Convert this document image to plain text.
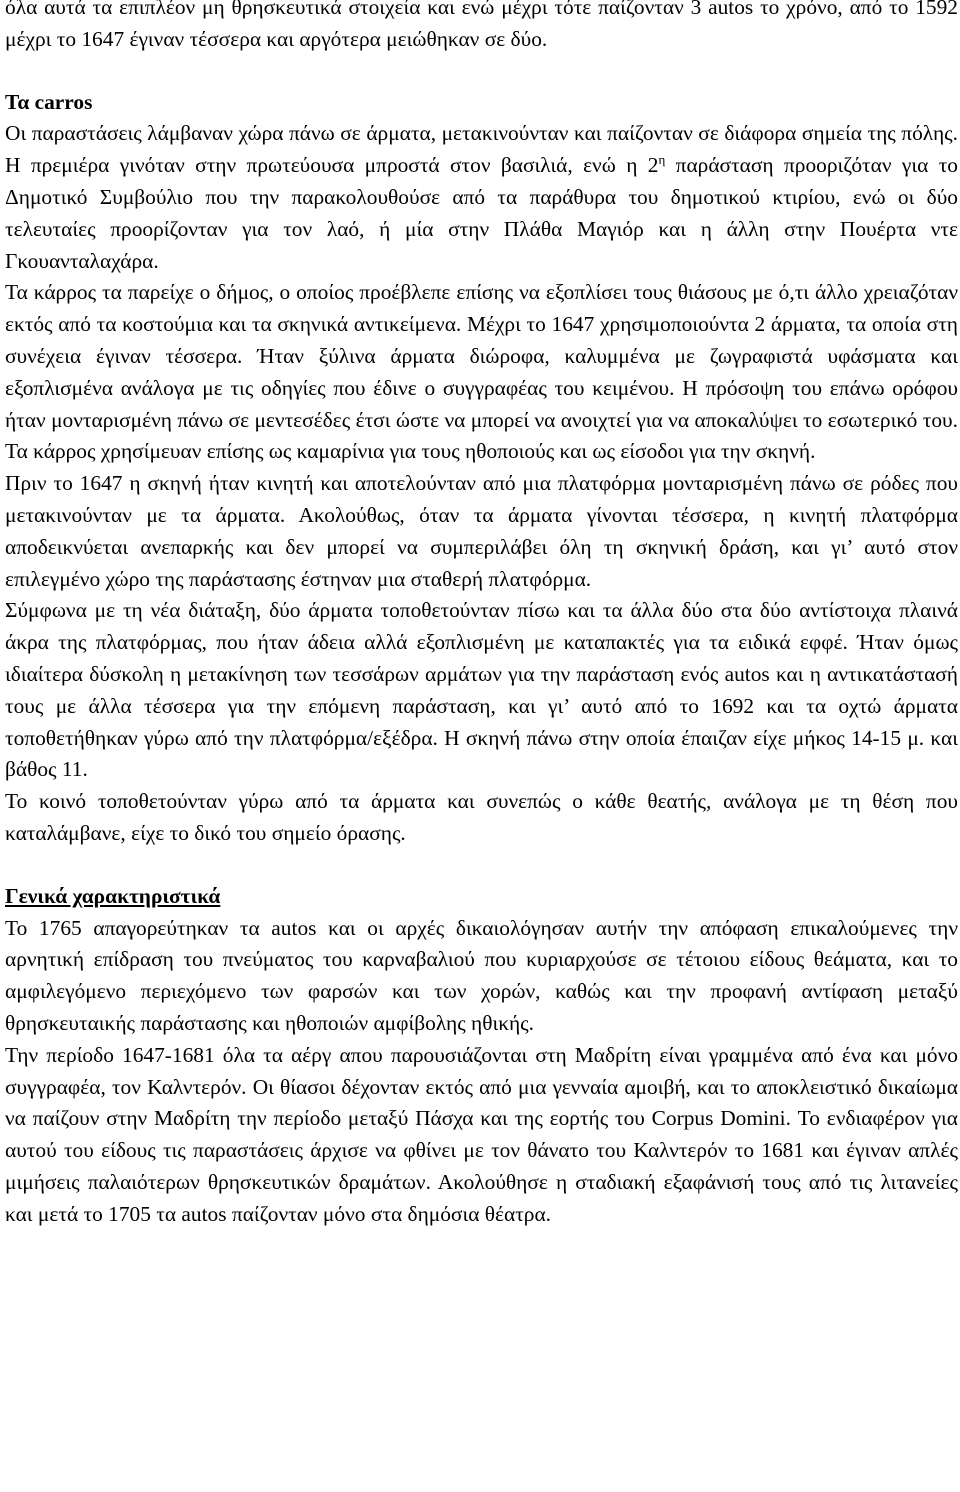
όλα αυτά τα επιπλέον μη θρησκευτικά στοιχεία και ενώ μέχρι τότε παίζονταν 3 autos το χρόνο, από το 1592 μέχρι το 1647 έγιναν τέσσερα και αργότερα μειώθηκαν σε δύο.

Τα carros

Οι παραστάσεις λάμβαναν χώρα πάνω σε άρματα, μετακινούνταν και παίζονταν σε διάφορα σημεία της πόλης. Η πρεμιέρα γινόταν στην πρωτεύουσα μπροστά στον βασιλιά, ενώ η $2^\eta$ παράσταση προοριζόταν για το Δημοτικό Συμβούλιο που την παρακολουθούσε από τα παράθυρα του δημοτικού κτιρίου, ενώ οι δύο τελευταίες προορίζονταν για τον λαό, ή μία στην Πλάθα Μαγιόρ και η άλλη στην Πουέρτα ντε Γκουανταλαχάρα.

Τα κάρρος τα παρείχε ο δήμος, ο οποίος προέβλεπε επίσης να εξοπλίσει τους θιάσους με ό,τι άλλο χρειαζόταν εκτός από τα κοστούμια και τα σκηνικά αντικείμενα. Μέχρι το 1647 χρησιμοποιούντα 2 άρματα, τα οποία στη συνέχεια έγιναν τέσσερα. Ήταν ξύλινα άρματα διώροφα, καλυμμένα με ζωγραφιστά υφάσματα και εξοπλισμένα ανάλογα με τις οδηγίες που έδινε ο συγγραφέας του κειμένου. Η πρόσοψη του επάνω ορόφου ήταν μονταρισμένη πάνω σε μεντεσέδες έτσι ώστε να μπορεί να ανοιχτεί για να αποκαλύψει το εσωτερικό του. Τα κάρρος χρησίμευαν επίσης ως καμαρίνια για τους ηθοποιούς και ως είσοδοι για την σκηνή.

Πριν το 1647 η σκηνή ήταν κινητή και αποτελούνταν από μια πλατφόρμα μονταρισμένη πάνω σε ρόδες που μετακινούνταν με τα άρματα. Ακολούθως, όταν τα άρματα γίνονται τέσσερα, η κινητή πλατφόρμα αποδεικνύεται ανεπαρκής και δεν μπορεί να συμπεριλάβει όλη τη σκηνική δράση, και γι’ αυτό στον επιλεγμένο χώρο της παράστασης έστηναν μια σταθερή πλατφόρμα.

Σύμφωνα με τη νέα διάταξη, δύο άρματα τοποθετούνταν πίσω και τα άλλα δύο στα δύο αντίστοιχα πλαινά άκρα της πλατφόρμας, που ήταν άδεια αλλά εξοπλισμένη με καταπακτές για τα ειδικά εφφέ. Ήταν όμως ιδιαίτερα δύσκολη η μετακίνηση των τεσσάρων αρμάτων για την παράσταση ενός autos και η αντικατάστασή τους με άλλα τέσσερα για την επόμενη παράσταση, και γι’ αυτό από το 1692 και τα οχτώ άρματα τοποθετήθηκαν γύρω από την πλατφόρμα/εξέδρα. Η σκηνή πάνω στην οποία έπαιζαν είχε μήκος 14-15 μ. και βάθος 11.

Το κοινό τοποθετούνταν γύρω από τα άρματα και συνεπώς ο κάθε θεατής, ανάλογα με τη θέση που καταλάμβανε, είχε το δικό του σημείο όρασης.

Γενικά χαρακτηριστικά

Το 1765 απαγορεύτηκαν τα autos και οι αρχές δικαιολόγησαν αυτήν την απόφαση επικαλούμενες την αρνητική επίδραση του πνεύματος του καρναβαλιού που κυριαρχούσε σε τέτοιου είδους θεάματα, και το αμφιλεγόμενο περιεχόμενο των φαρσών και των χορών, καθώς και την προφανή αντίφαση μεταξύ θρησκευταικής παράστασης και ηθοποιών αμφίβολης ηθικής.

Την περίοδο 1647-1681 όλα τα αέργ απου παρουσιάζονται στη Μαδρίτη είναι γραμμένα από ένα και μόνο συγγραφέα, τον Καλντερόν. Οι θίασοι δέχονταν εκτός από μια γενναία αμοιβή, και το αποκλειστικό δικαίωμα να παίζουν στην Μαδρίτη την περίοδο μεταξύ Πάσχα και της εορτής του Corpus Domini. Το ενδιαφέρον για αυτού του είδους τις παραστάσεις άρχισε να φθίνει με τον θάνατο του Καλντερόν το 1681 και έγιναν απλές μιμήσεις παλαιότερων θρησκευτικών δραμάτων. Ακολούθησε η σταδιακή εξαφάνισή τους από τις λιτανείες και μετά το 1705 τα autos παίζονταν μόνο στα δημόσια θέατρα.
